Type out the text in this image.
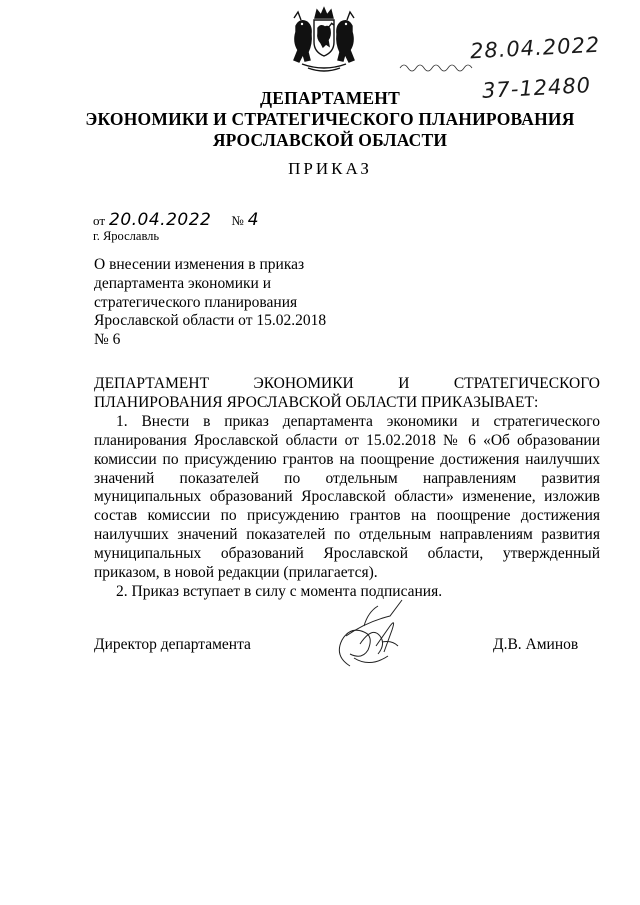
28.04.2022
37-12480
ДЕПАРТАМЕНТ
ЭКОНОМИКИ И СТРАТЕГИЧЕСКОГО ПЛАНИРОВАНИЯ
ЯРОСЛАВСКОЙ ОБЛАСТИ
ПРИКАЗ
от 20.04.2022 № 4
г. Ярославль
О внесении изменения в приказ
департамента экономики и
стратегического планирования
Ярославской области от 15.02.2018
№ 6

ДЕПАРТАМЕНТ ЭКОНОМИКИ И СТРАТЕГИЧЕСКОГО

ПЛАНИРОВАНИЯ ЯРОСЛАВСКОЙ ОБЛАСТИ ПРИКАЗЫВАЕТ:

1. Внести в приказ департамента экономики и стратегического планирования Ярославской области от 15.02.2018 № 6 «Об образовании комиссии по присуждению грантов на поощрение достижения наилучших значений показателей по отдельным направлениям развития муниципальных образований Ярославской области» изменение, изложив состав комиссии по присуждению грантов на поощрение достижения наилучших значений показателей по отдельным направлениям развития муниципальных образований Ярославской области, утвержденный приказом, в новой редакции (прилагается).

2. Приказ вступает в силу с момента подписания.

Директор департамента	Д.В. Аминов
